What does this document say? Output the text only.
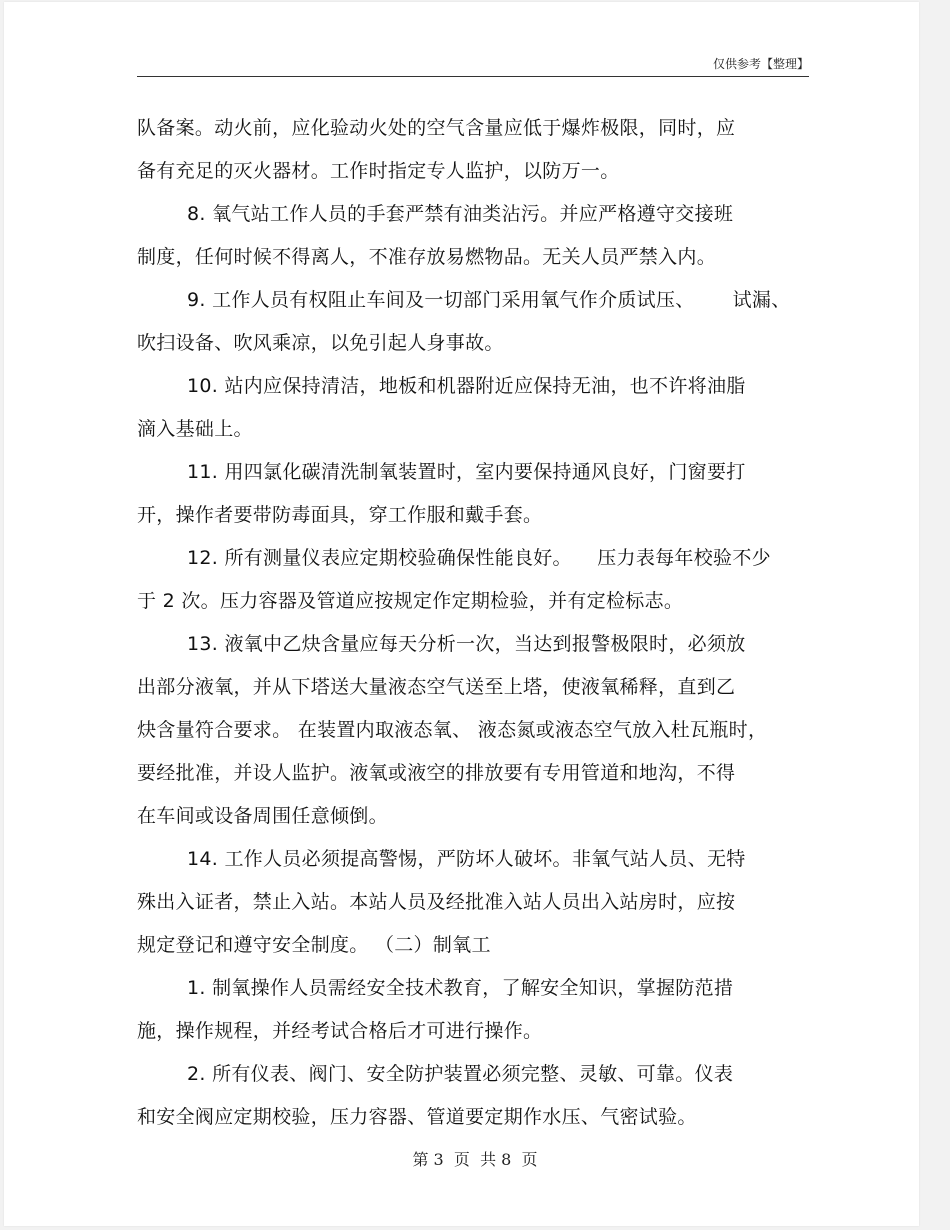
仅供参考【整理】
队备案。动火前，应化验动火处的空气含量应低于爆炸极限，同时，应
备有充足的灭火器材。工作时指定专人监护，以防万一。
8. 氧气站工作人员的手套严禁有油类沾污。并应严格遵守交接班
制度，任何时候不得离人，不准存放易燃物品。无关人员严禁入内。
9. 工作人员有权阻止车间及一切部门采用氧气作介质试压、      试漏、
吹扫设备、吹风乘凉，以免引起人身事故。
10. 站内应保持清洁，地板和机器附近应保持无油，也不许将油脂
滴入基础上。
11. 用四氯化碳清洗制氧装置时，室内要保持通风良好，门窗要打
开，操作者要带防毒面具，穿工作服和戴手套。
12. 所有测量仪表应定期校验确保性能良好。    压力表每年校验不少
于 2 次。压力容器及管道应按规定作定期检验，并有定检标志。
13. 液氧中乙炔含量应每天分析一次，当达到报警极限时，必须放
出部分液氧，并从下塔送大量液态空气送至上塔，使液氧稀释，直到乙
炔含量符合要求。 在装置内取液态氧、 液态氮或液态空气放入杜瓦瓶时，
要经批准，并设人监护。液氧或液空的排放要有专用管道和地沟，不得
在车间或设备周围任意倾倒。
14. 工作人员必须提高警惕，严防坏人破坏。非氧气站人员、无特
殊出入证者，禁止入站。本站人员及经批准入站人员出入站房时，应按
规定登记和遵守安全制度。 （二）制氧工
1. 制氧操作人员需经安全技术教育，了解安全知识，掌握防范措
施，操作规程，并经考试合格后才可进行操作。
2. 所有仪表、阀门、安全防护装置必须完整、灵敏、可靠。仪表
和安全阀应定期校验，压力容器、管道要定期作水压、气密试验。
第 3  页  共 8  页
